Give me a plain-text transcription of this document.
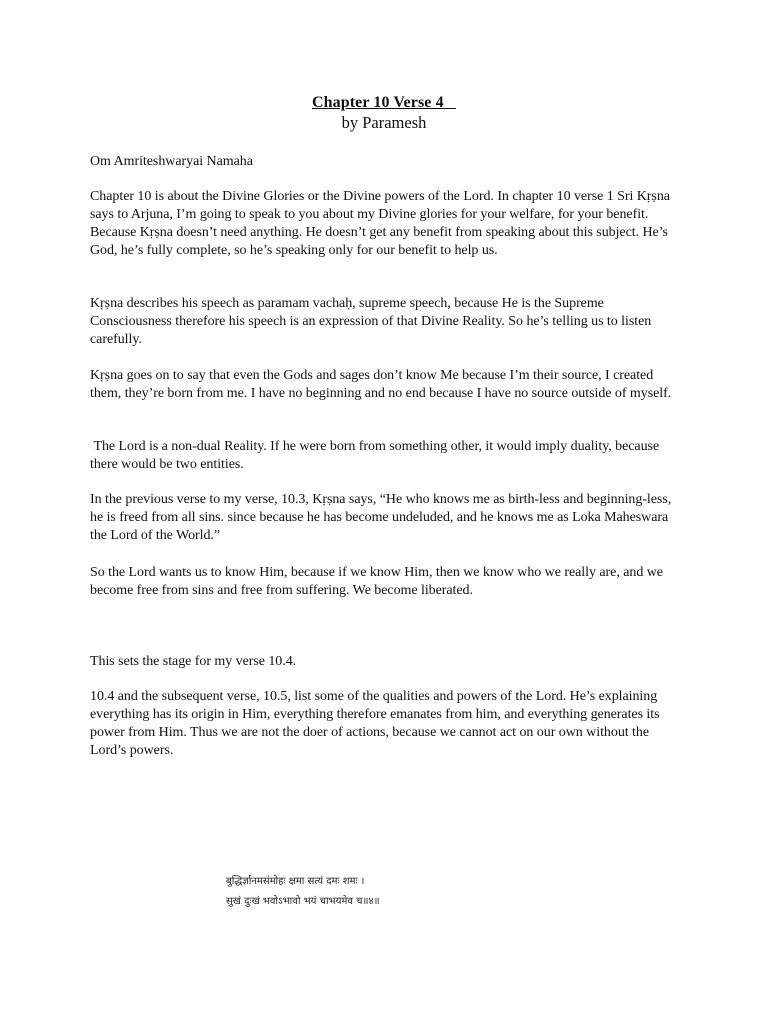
Chapter 10 Verse 4
by Paramesh

Om Amriteshwaryai Namaha

Chapter 10 is about the Divine Glories or the Divine powers of the Lord. In chapter 10 verse 1 Sri Kṛṣna says to Arjuna, I’m going to speak to you about my Divine glories for your welfare, for your benefit. Because Kṛṣna doesn’t need anything. He doesn’t get any benefit from speaking about this subject. He’s God, he’s fully complete, so he’s speaking only for our benefit to help us.

Kṛṣna describes his speech as paramam vachaḥ, supreme speech, because He is the Supreme Consciousness therefore his speech is an expression of that Divine Reality. So he’s telling us to listen carefully.

Kṛṣna goes on to say that even the Gods and sages don’t know Me because I’m their source, I created them, they’re born from me. I have no beginning and no end because I have no source outside of myself.

The Lord is a non-dual Reality. If he were born from something other, it would imply duality, because there would be two entities.

In the previous verse to my verse, 10.3, Kṛṣna says, “He who knows me as birth-less and beginning-less, he is freed from all sins. since because he has become undeluded, and he knows me as Loka Maheswara the Lord of the World.”

So the Lord wants us to know Him, because if we know Him, then we know who we really are, and we become free from sins and free from suffering. We become liberated.

This sets the stage for my verse 10.4.

10.4 and the subsequent verse, 10.5, list some of the qualities and powers of the Lord. He’s explaining everything has its origin in Him, everything therefore emanates from him, and everything generates its power from Him. Thus we are not the doer of actions, because we cannot act on our own without the Lord’s powers.

बुद्धिर्ज्ञानमसंमोहः क्षमा सत्यं दमः शमः ।
सुखं दुःखं भवोऽभावो भयं चाभयमेव च॥४॥
